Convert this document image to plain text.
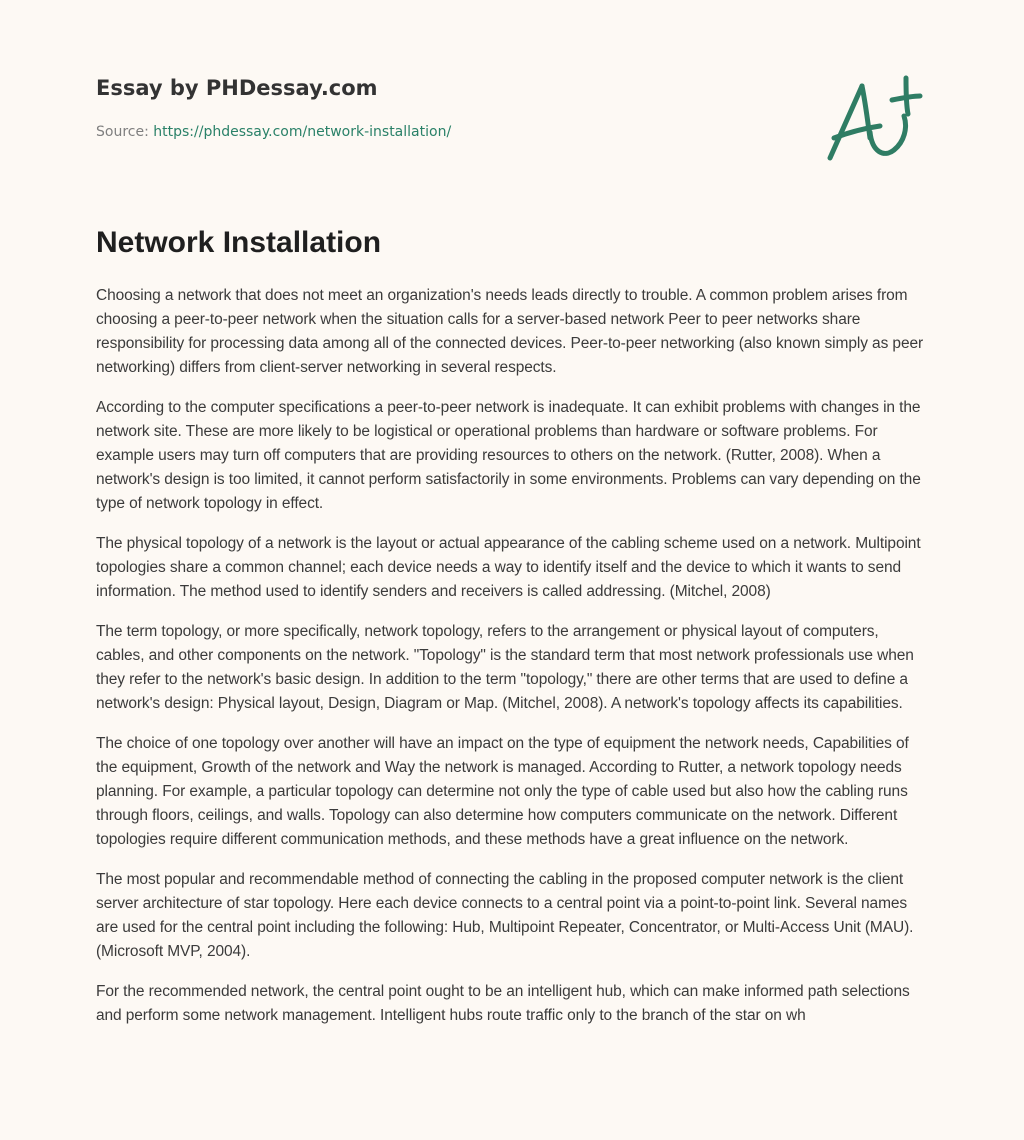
Essay by PHDessay.com
Source: https://phdessay.com/network-installation/
Network Installation

Choosing a network that does not meet an organization's needs leads directly to trouble. A common problem arises from choosing a peer-to-peer network when the situation calls for a server-based network Peer to peer networks share responsibility for processing data among all of the connected devices. Peer-to-peer networking (also known simply as peer networking) differs from client-server networking in several respects.

According to the computer specifications a peer-to-peer network is inadequate. It can exhibit problems with changes in the network site. These are more likely to be logistical or operational problems than hardware or software problems. For example users may turn off computers that are providing resources to others on the network. (Rutter, 2008). When a network's design is too limited, it cannot perform satisfactorily in some environments. Problems can vary depending on the type of network topology in effect.

The physical topology of a network is the layout or actual appearance of the cabling scheme used on a network. Multipoint topologies share a common channel; each device needs a way to identify itself and the device to which it wants to send information. The method used to identify senders and receivers is called addressing. (Mitchel, 2008)

The term topology, or more specifically, network topology, refers to the arrangement or physical layout of computers, cables, and other components on the network. "Topology" is the standard term that most network professionals use when they refer to the network's basic design. In addition to the term "topology," there are other terms that are used to define a network's design: Physical layout, Design, Diagram or Map. (Mitchel, 2008). A network's topology affects its capabilities.

The choice of one topology over another will have an impact on the type of equipment the network needs, Capabilities of the equipment, Growth of the network and Way the network is managed. According to Rutter, a network topology needs planning. For example, a particular topology can determine not only the type of cable used but also how the cabling runs through floors, ceilings, and walls. Topology can also determine how computers communicate on the network. Different topologies require different communication methods, and these methods have a great influence on the network.

The most popular and recommendable method of connecting the cabling in the proposed computer network is the client server architecture of star topology. Here each device connects to a central point via a point-to-point link. Several names are used for the central point including the following: Hub, Multipoint Repeater, Concentrator, or Multi-Access Unit (MAU). (Microsoft MVP, 2004).

For the recommended network, the central point ought to be an intelligent hub, which can make informed path selections and perform some network management. Intelligent hubs route traffic only to the branch of the star on wh
